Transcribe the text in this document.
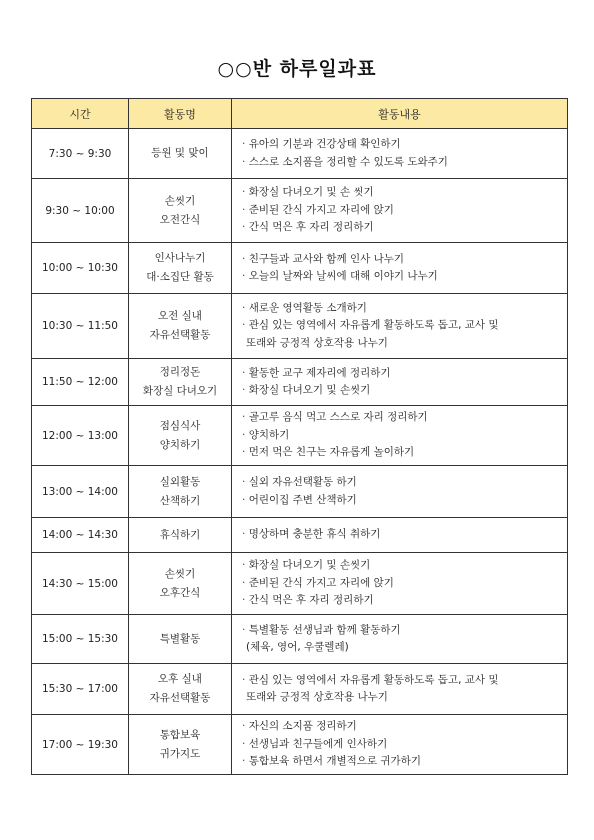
○○반 하루일과표
시간	활동명	활동내용
7:30 ~ 9:30	등원 및 맞이	· 유아의 기분과 건강상태 확인하기
· 스스로 소지품을 정리할 수 있도록 도와주기

9:30 ~ 10:00	손씻기
오전간식	· 화장실 다녀오기 및 손 씻기
· 준비된 간식 가지고 자리에 앉기
· 간식 먹은 후 자리 정리하기

10:00 ~ 10:30	인사나누기
대·소집단 활동	· 친구들과 교사와 함께 인사 나누기
· 오늘의 날짜와 날씨에 대해 이야기 나누기

10:30 ~ 11:50	오전 실내
자유선택활동	· 새로운 영역활동 소개하기
· 관심 있는 영역에서 자유롭게 활동하도록 돕고, 교사 및
또래와 긍정적 상호작용 나누기

11:50 ~ 12:00	정리정돈
화장실 다녀오기	· 활동한 교구 제자리에 정리하기
· 화장실 다녀오기 및 손씻기

12:00 ~ 13:00	점심식사
양치하기	· 골고루 음식 먹고 스스로 자리 정리하기
· 양치하기
· 먼저 먹은 친구는 자유롭게 놀이하기

13:00 ~ 14:00	실외활동
산책하기	· 실외 자유선택활동 하기
· 어린이집 주변 산책하기

14:00 ~ 14:30	휴식하기	· 명상하며 충분한 휴식 취하기

14:30 ~ 15:00	손씻기
오후간식	· 화장실 다녀오기 및 손씻기
· 준비된 간식 가지고 자리에 앉기
· 간식 먹은 후 자리 정리하기

15:00 ~ 15:30	특별활동	· 특별활동 선생님과 함께 활동하기
(체육, 영어, 우쿨렐레)

15:30 ~ 17:00	오후 실내
자유선택활동	· 관심 있는 영역에서 자유롭게 활동하도록 돕고, 교사 및
또래와 긍정적 상호작용 나누기

17:00 ~ 19:30	통합보육
귀가지도	· 자신의 소지품 정리하기
· 선생님과 친구들에게 인사하기
· 통합보육 하면서 개별적으로 귀가하기
